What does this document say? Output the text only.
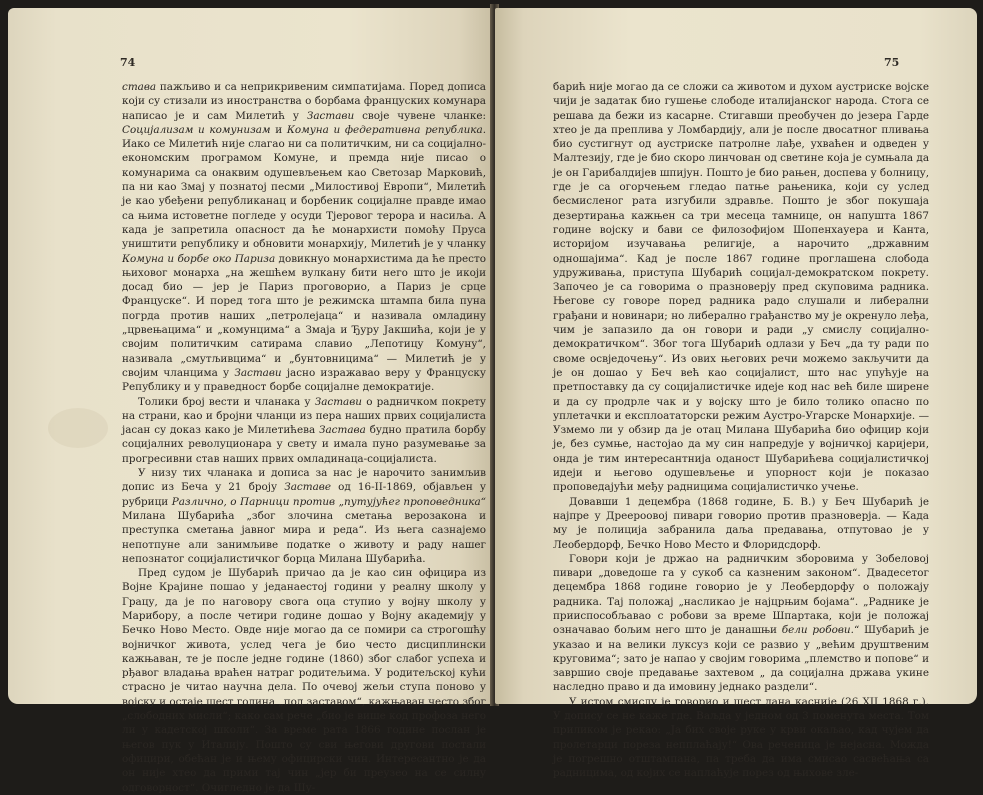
74

става пажљиво и са неприкривеним симпатијама. Поред дописа који су стизали из иностранства о борбама француских комунара написао је и сам Милетић у Застави своје чувене чланке: Социјализам и комунизам и Комуна и федеративна република. Иако се Милетић није слагао ни са политичким, ни са социјално-економским програмом Комуне, и премда није писао о комунарима са онаквим одушевљењем као Светозар Марковић, па ни као Змај у познатој песми „Милостивој Европи“, Милетић је као убеђени републиканац и борбеник социјалне правде имао са њима истоветне погледе у осуди Тјеровог терора и насиља. А када је запретила опасност да ће монархисти помоћу Пруса уништити републику и обновити монархију, Милетић је у чланку Комуна и борбе око Париза довикнуо монархистима да ће престо њиховог монарха „на жешћем вулкану бити него што је икоји досад био — јер је Париз проговорио, а Париз је срце Француске“. И поред тога што је режимска штампа била пуна погрда против наших „петролејаца“ и називала омладину „црвењацима“ и „комунцима“ а Змаја и Ђуру Јакшића, који је у својим политичким сатирама славио „Лепотицу Комуну“, називала „смутљивцима“ и „бунтовницима“ — Милетић је у својим чланцима у Застави јасно изражавао веру у Француску Републику и у праведност борбе социјалне демократије.

Толики број вести и чланака у Застави о радничком покрету на страни, као и бројни чланци из пера наших првих социјалиста јасан су доказ како је Милетићева Застава будно пратила борбу социјалних револуционара у свету и имала пуно разумевање за прогресивни став наших првих омладинаца-социјалиста.

У низу тих чланака и дописа за нас је нарочито занимљив допис из Беча у 21 броју Заставе од 16-II-1869, објављен у рубрици Различно, о Парници против „путујућег проповедника“ Милана Шубарића „због злочина сметања верозакона и преступка сметања јавног мира и реда“. Из њега сазнајемо непотпуне али занимљиве податке о животу и раду нашег непознатог социјалистичког борца Милана Шубарића.

Пред судом је Шубарић причао да је као син официра из Војне Крајине пошао у једанаестој години у реалну школу у Грацу, да је по наговору свога оца ступио у војну школу у Марибору, а после четири године дошао у Војну академију у Бечко Ново Место. Овде није могао да се помири са строгошћу војничког живота, услед чега је био често дисциплински кажњаван, те је после једне године (1860) због слабог успеха и рђавог владања враћен натраг родитељима. У родитељској кући страсно је читао научна дела. По очевој жељи ступа поново у војску и остаје шест година „под заставом“, кажњаван често због „слободних мисли“; како сам рече „био је више код профоза него ли у кадетској школи“. За време рата 1866 године послан је његов пук у Италију. Пошто су сви његови другови постали официри, обећан је и њему официрски чин. Интересантно је да он није хтео да прими тај чин „јер би преузео на се силну одговорност“. Очигледно је да Шу-

75

барић није могао да се сложи са животом и духом аустриске војске чији је задатак био гушење слободе италијанског народа. Стога се решава да бежи из касарне. Стигавши преобучен до језера Гарде хтео је да преплива у Ломбардију, али је после двосатног пливања био сустигнут од аустриске патролне лађе, ухваћен и одведен у Малтезију, где је био скоро линчован од светине која је сумњала да је он Гарибалдијев шпијун. Пошто је био рањен, доспева у болницу, где је са огорчењем гледао патње рањеника, који су услед бесмисленог рата изгубили здравље. Пошто је због покушаја дезертирања кажњен са три месеца тамнице, он напушта 1867 године војску и бави се филозофијом Шопенхауера и Канта, историјом изучавања религије, а нарочито „државним одношајима“. Кад је после 1867 године проглашена слобода удруживања, приступа Шубарић социјал-демократском покрету. Започео је са говорима о празноверју пред скуповима радника. Његове су говоре поред радника радо слушали и либерални грађани и новинари; но либерално грађанство му је окренуло леђа, чим је запазило да он говори и ради „у смислу социјално-демократичком“. Због тога Шубарић одлази у Беч „да ту ради по своме освједочењу“. Из ових његових речи можемо закључити да је он дошао у Беч већ као социјалист, што нас упућује на претпоставку да су социјалистичке идеје код нас већ биле ширене и да су продрле чак и у војску што је било толико опасно по уплетачки и експлоататорски режим Аустро-Угарске Монархије. — Узмемо ли у обзир да је отац Милана Шубарића био официр који је, без сумње, настојао да му син напредује у војничкој каријери, онда је тим интересантнија оданост Шубарићева социјалистичкој идеји и његово одушевљење и упорност који је показао проповедајући међу радницима социјалистичко учење.

Довавши 1 децембра (1868 године, Б. В.) у Беч Шубарић је најпре у Дреероовој пивари говорио против празноверја. — Када му је полиција забранила даља предавања, отпутовао је у Леобердорф, Бечко Ново Место и Флоридсдорф.

Говори који је држао на радничким зборовима у Зобеловој пивари „доведоше га у сукоб са казненим законом“. Двадесетог децембра 1868 године говорио је у Леобердорфу о положају радника. Тај положај „насликао је најцрњим бојама“. „Раднике је прииспособљавао с робови за време Шпартака, који је положај означавао бољим него што је данашњи бели робови.“ Шубарић је указао и на велики луксуз који се развио у „већим друштвеним круговима“; зато је напао у своjим говорима „племство и попове“ и завршио своје предавање захтевом „ да социјална држава укине наследно право и да имовину једнако раздели“.

У истом смислу је говорио и шест дана касније (26 XII 1868 г.). У допису се не каже где. Ваљда у једном од 3 поменута места. Том приликом је рекао: „Ја бих своје руке у крви окаљао, кад чујем да пролетарци пореза непплаћају!“ Ова реченица је нејасна. Можда је погрешно отштампана, па треба да има смисао сасвећања са радницима, од којих се наплаћује порез од њихове зле-
